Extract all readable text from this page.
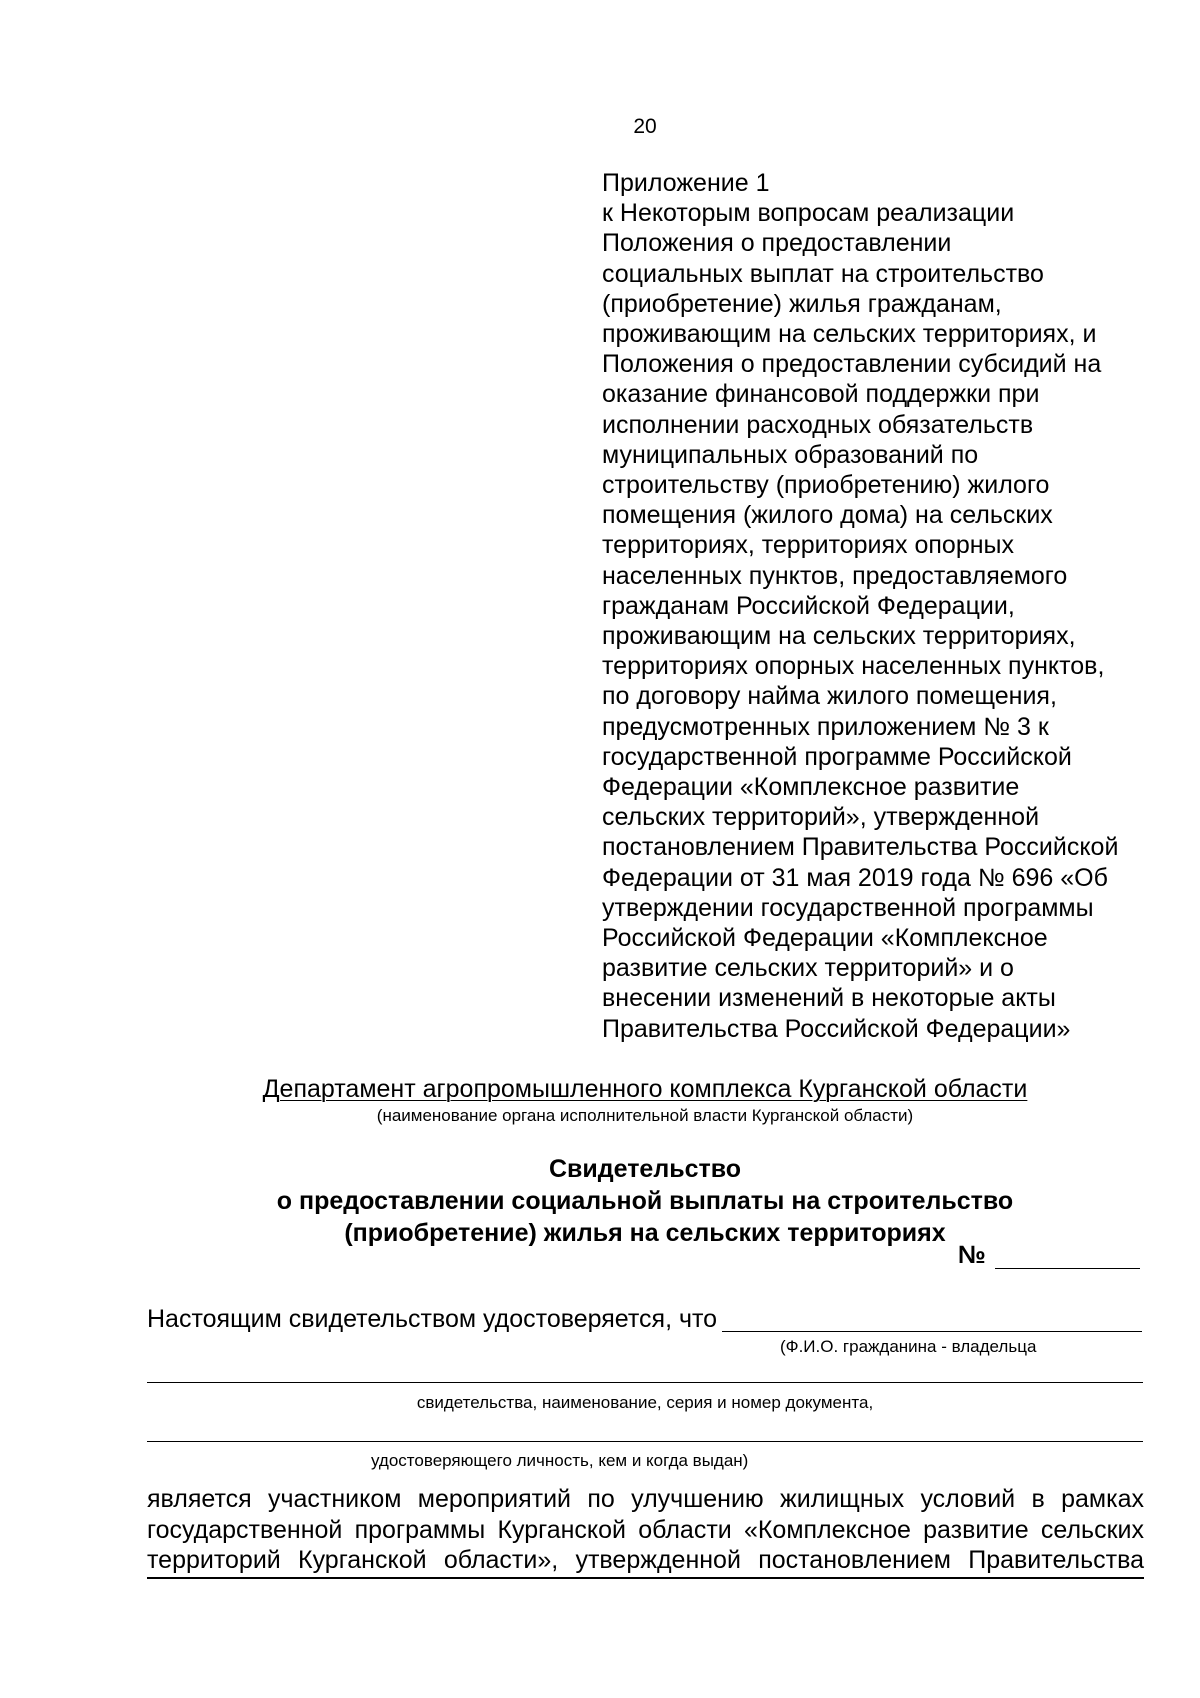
20
Приложение 1
к Некоторым вопросам реализации
Положения о предоставлении
социальных выплат на строительство
(приобретение) жилья гражданам,
проживающим на сельских территориях, и
Положения о предоставлении субсидий на
оказание финансовой поддержки при
исполнении расходных обязательств
муниципальных образований по
строительству (приобретению) жилого
помещения (жилого дома) на сельских
территориях, территориях опорных
населенных пунктов, предоставляемого
гражданам Российской Федерации,
проживающим на сельских территориях,
территориях опорных населенных пунктов,
по договору найма жилого помещения,
предусмотренных приложением № 3 к
государственной программе Российской
Федерации «Комплексное развитие
сельских территорий», утвержденной
постановлением Правительства Российской
Федерации от 31 мая 2019 года № 696 «Об
утверждении государственной программы
Российской Федерации «Комплексное
развитие сельских территорий» и о
внесении изменений в некоторые акты
Правительства Российской Федерации»
Департамент агропромышленного комплекса Курганской области
(наименование органа исполнительной власти Курганской области)
Свидетельство
о предоставлении социальной выплаты на строительство
(приобретение) жилья на сельских территориях
№
Настоящим свидетельством удостоверяется, что
(Ф.И.О. гражданина - владельца
свидетельства, наименование, серия и номер документа,
удостоверяющего личность, кем и когда выдан)
является участником мероприятий по улучшению жилищных условий в рамках
государственной программы Курганской области «Комплексное развитие сельских
территорий Курганской области», утвержденной постановлением Правительства
